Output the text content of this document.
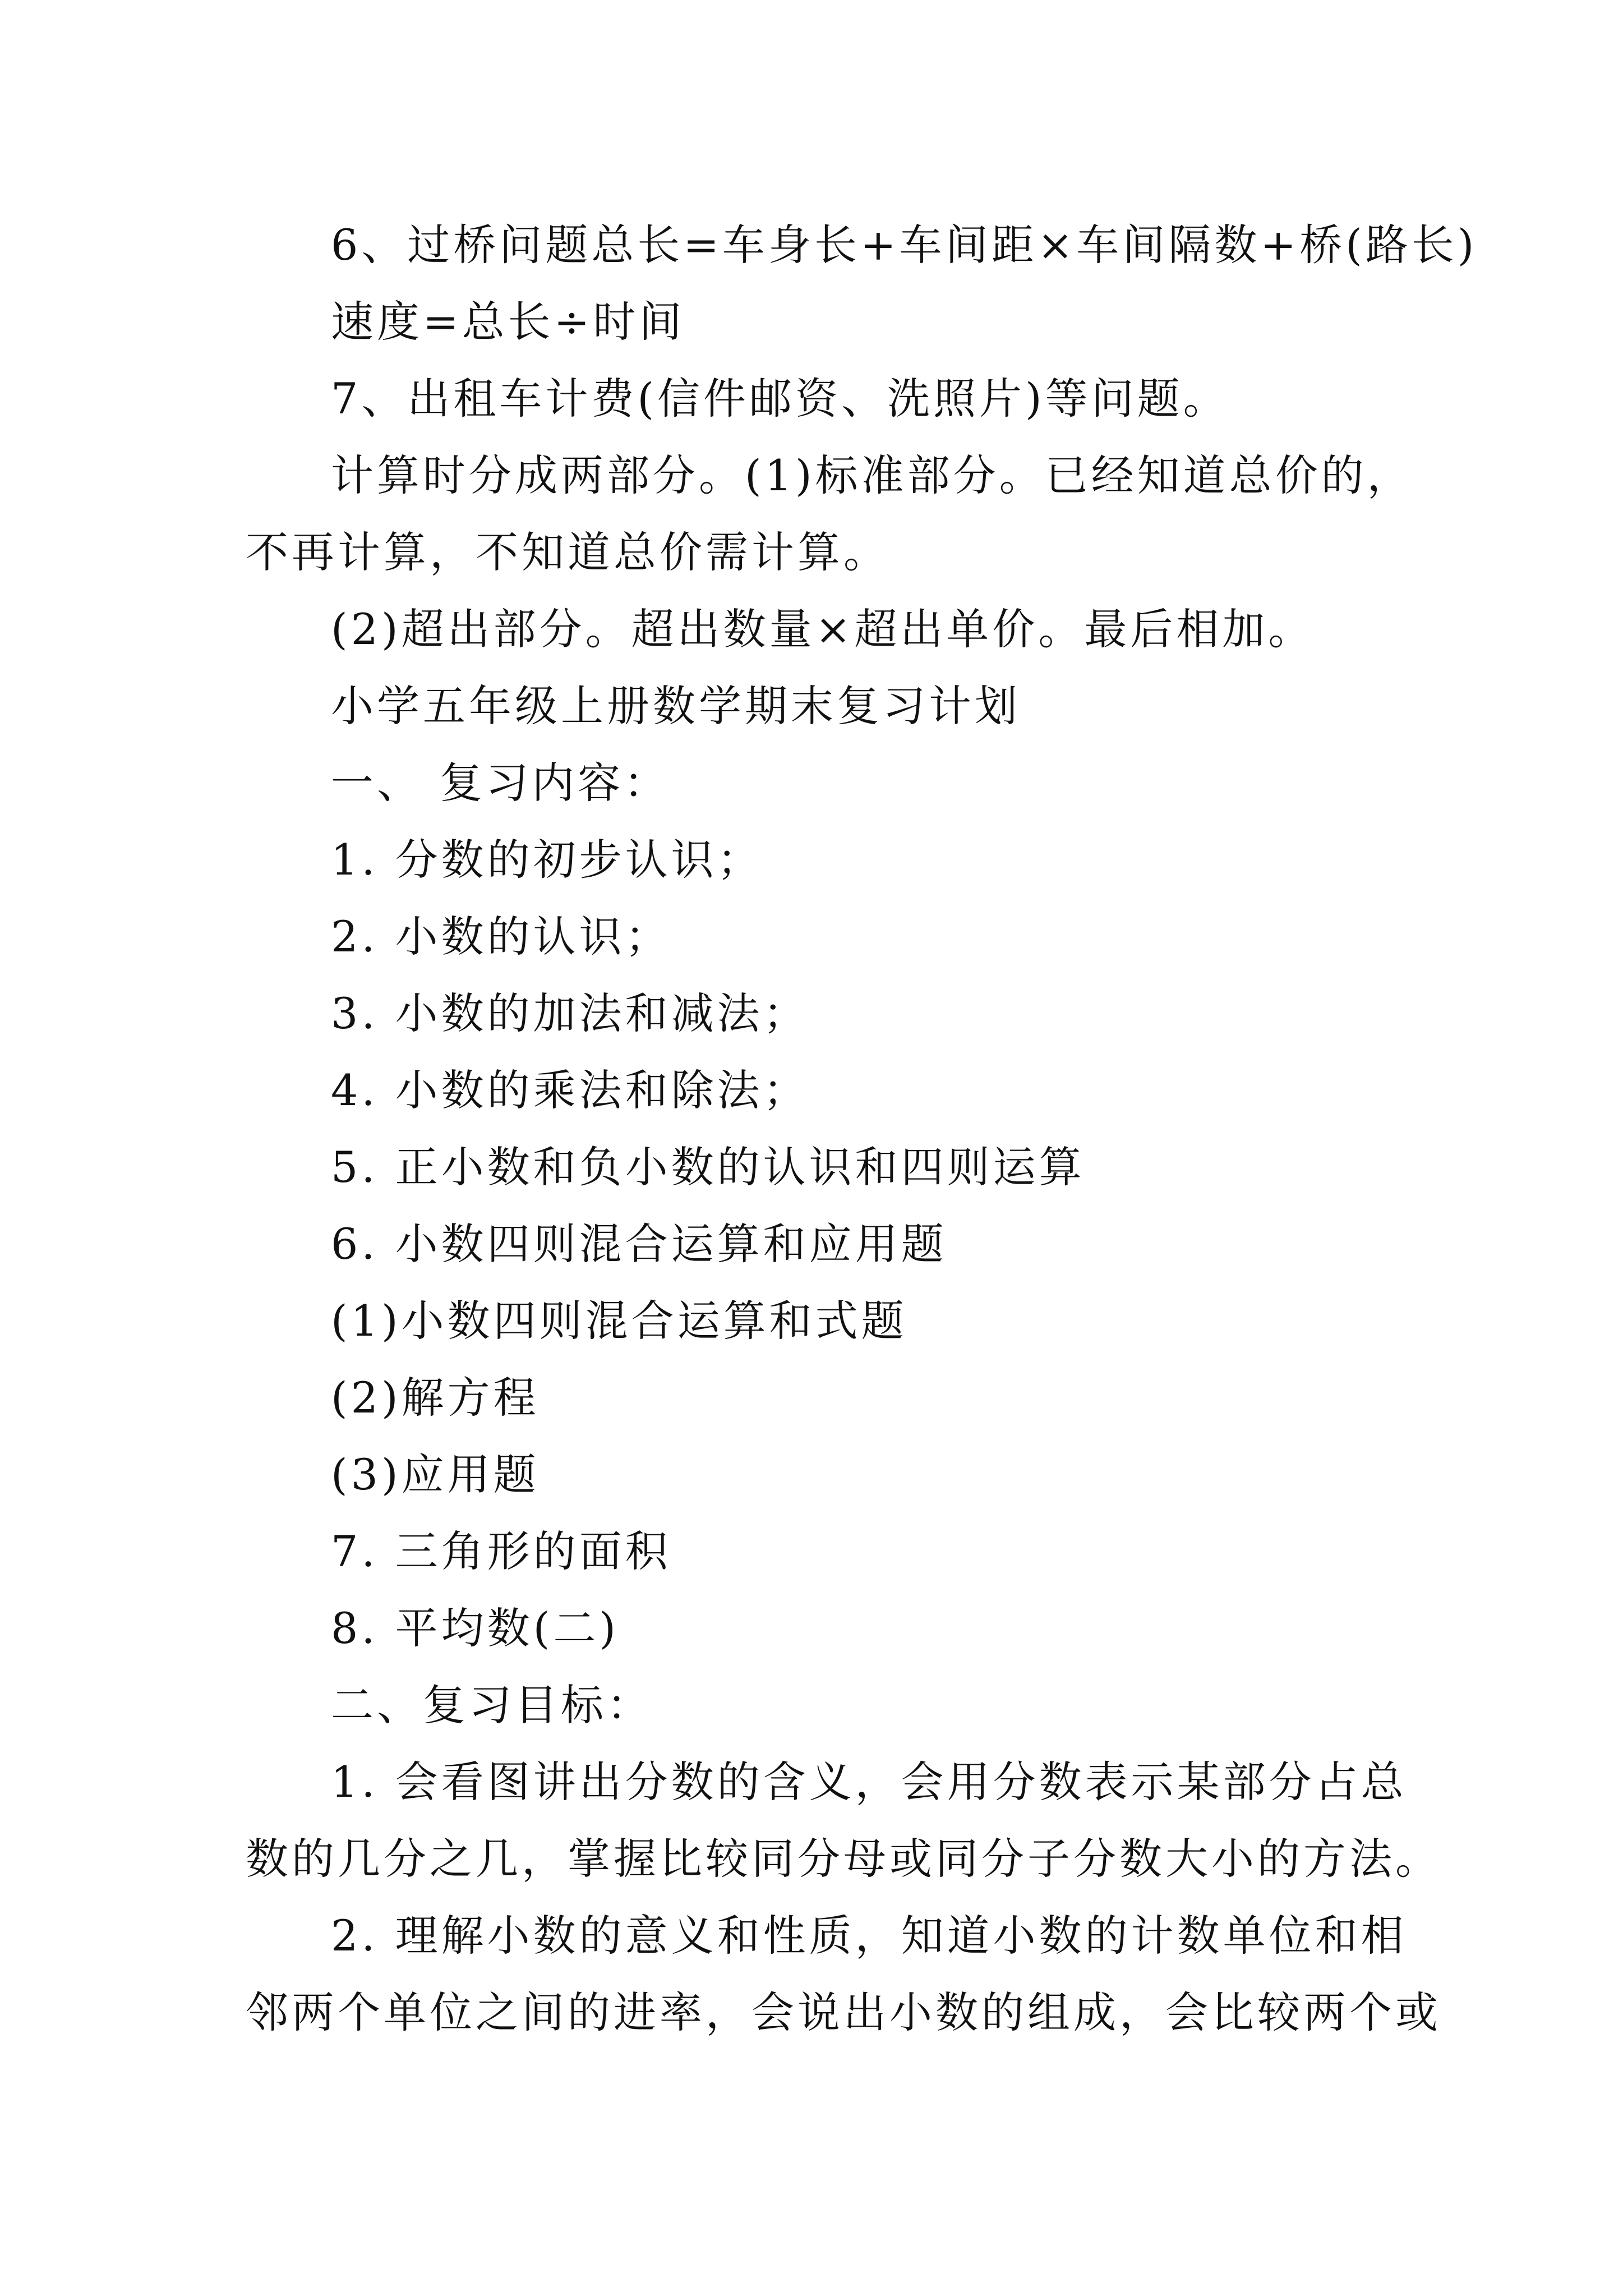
6、过桥问题总长=车身长+车间距×车间隔数+桥(路长)
速度=总长÷时间
7、出租车计费(信件邮资、洗照片)等问题。
计算时分成两部分。(1)标准部分。已经知道总价的，
不再计算，不知道总价需计算。
(2)超出部分。超出数量×超出单价。最后相加。
小学五年级上册数学期末复习计划
一、 复习内容：
1. 分数的初步认识；
2. 小数的认识；
3. 小数的加法和减法；
4. 小数的乘法和除法；
5. 正小数和负小数的认识和四则运算
6. 小数四则混合运算和应用题
(1)小数四则混合运算和式题
(2)解方程
(3)应用题
7. 三角形的面积
8. 平均数(二)
二、复习目标：
1. 会看图讲出分数的含义，会用分数表示某部分占总
数的几分之几，掌握比较同分母或同分子分数大小的方法。
2. 理解小数的意义和性质，知道小数的计数单位和相
邻两个单位之间的进率，会说出小数的组成，会比较两个或
